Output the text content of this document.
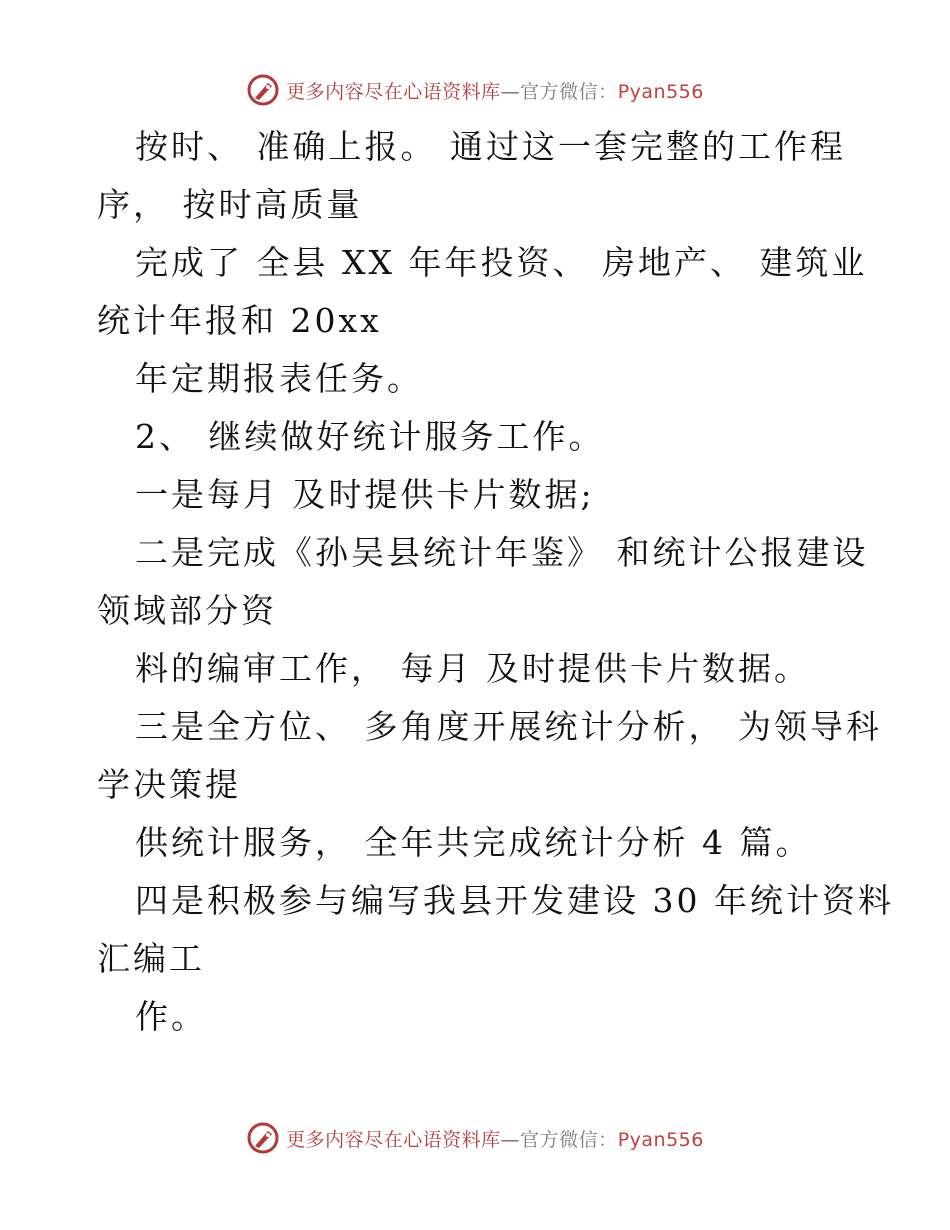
更多内容尽在心语资料库—官方微信：Pyan556
按时、 准确上报。 通过这一套完整的工作程
序， 按时高质量
完成了 全县 XX 年年投资、 房地产、 建筑业
统计年报和 20xx
年定期报表任务。
2、 继续做好统计服务工作。
一是每月 及时提供卡片数据;
二是完成《孙吴县统计年鉴》 和统计公报建设
领域部分资
料的编审工作， 每月 及时提供卡片数据。
三是全方位、 多角度开展统计分析， 为领导科
学决策提
供统计服务， 全年共完成统计分析 4 篇。
四是积极参与编写我县开发建设 30 年统计资料
汇编工
作。
更多内容尽在心语资料库—官方微信：Pyan556
